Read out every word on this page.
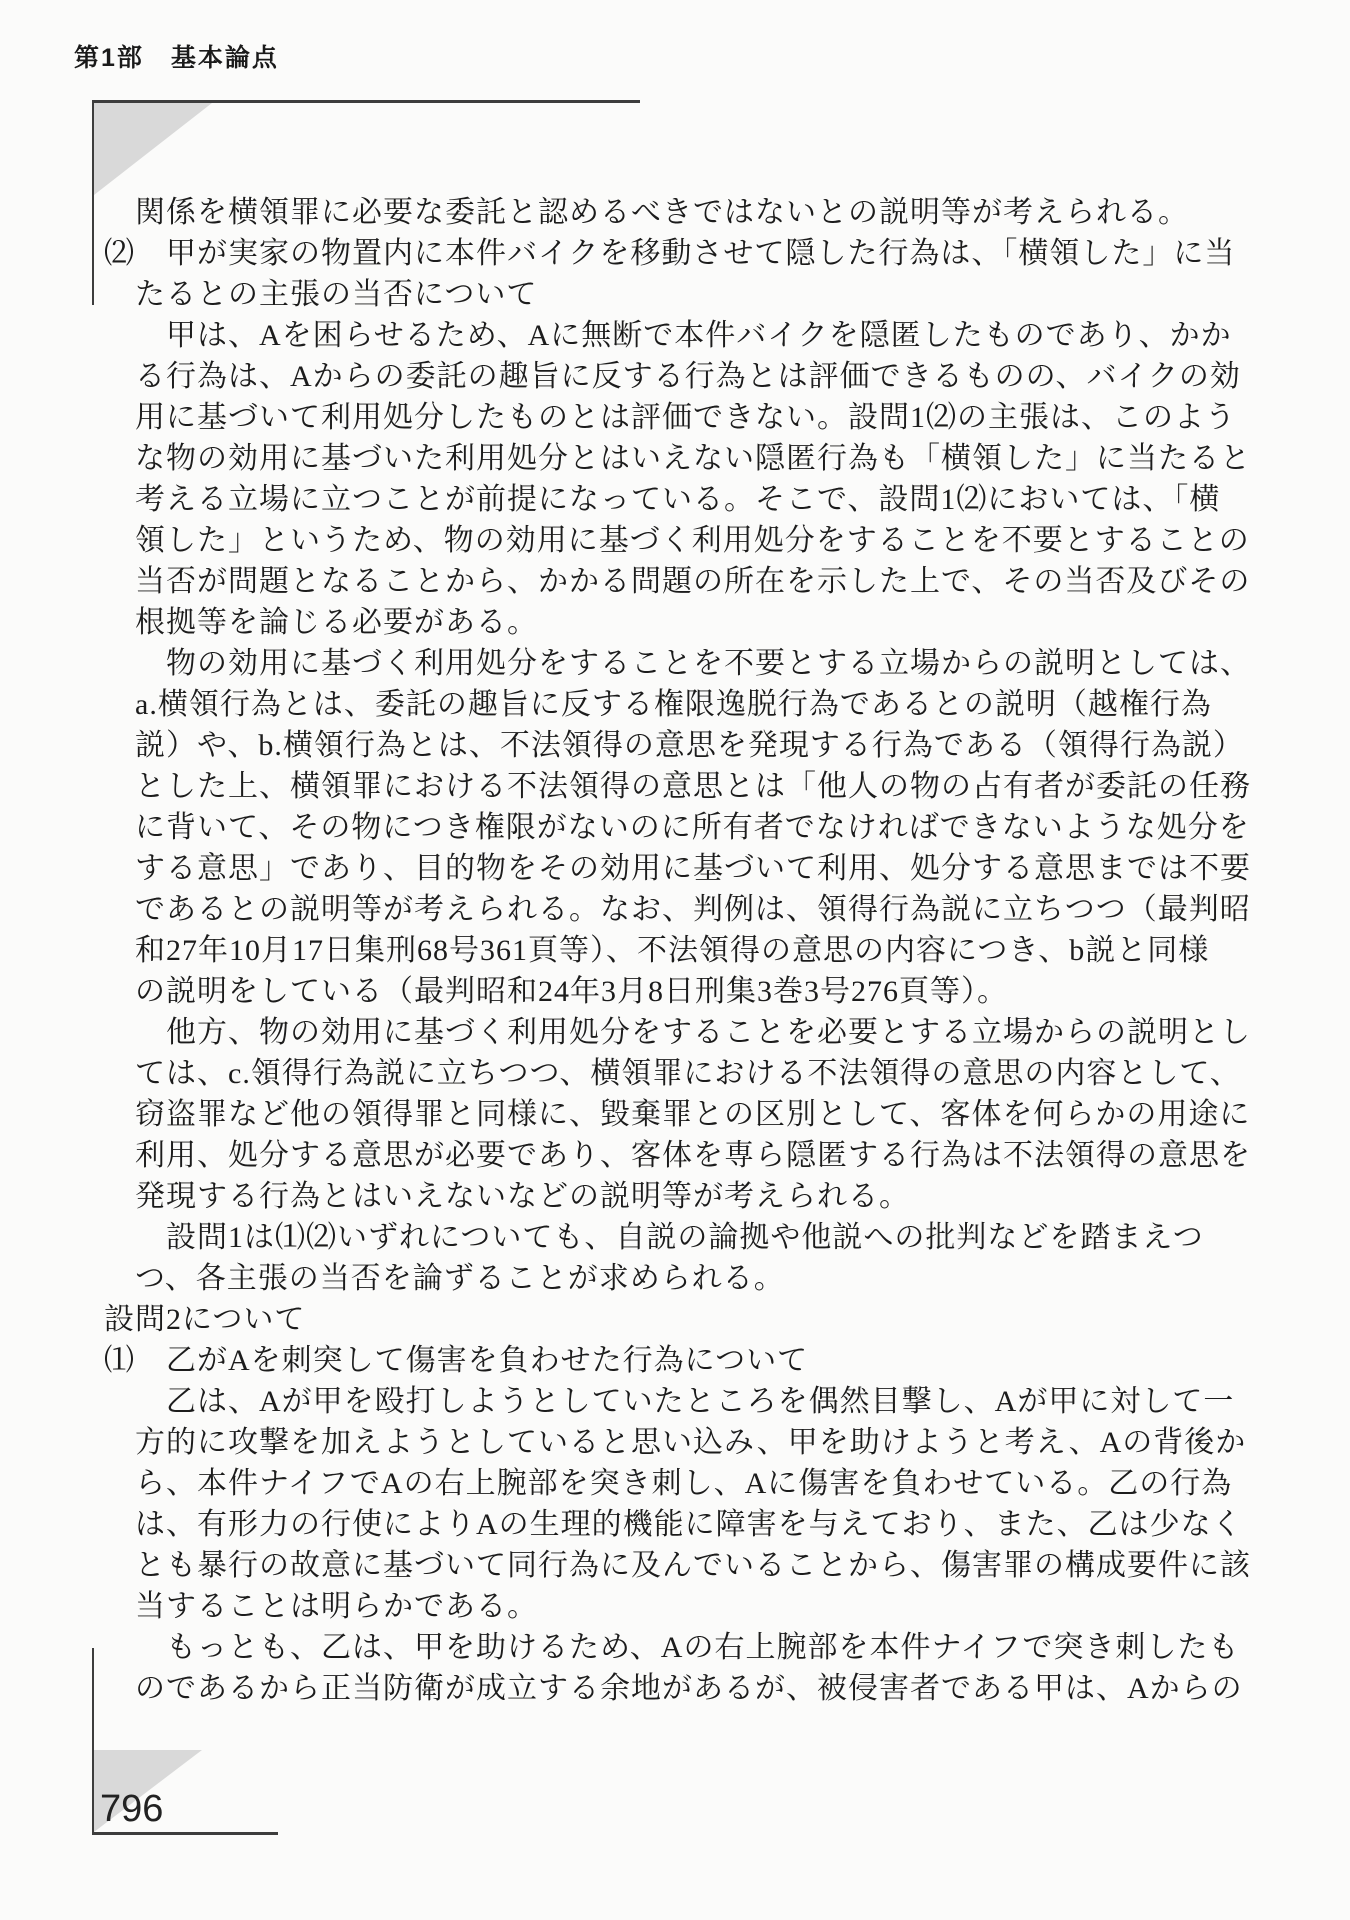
第1部　基本論点
関係を横領罪に必要な委託と認めるべきではないとの説明等が考えられる。
⑵　甲が実家の物置内に本件バイクを移動させて隠した行為は、「横領した」に当
たるとの主張の当否について
甲は、Aを困らせるため、Aに無断で本件バイクを隠匿したものであり、かか
る行為は、Aからの委託の趣旨に反する行為とは評価できるものの、バイクの効
用に基づいて利用処分したものとは評価できない。設問1⑵の主張は、このよう
な物の効用に基づいた利用処分とはいえない隠匿行為も「横領した」に当たると
考える立場に立つことが前提になっている。そこで、設問1⑵においては、「横
領した」というため、物の効用に基づく利用処分をすることを不要とすることの
当否が問題となることから、かかる問題の所在を示した上で、その当否及びその
根拠等を論じる必要がある。
物の効用に基づく利用処分をすることを不要とする立場からの説明としては、
a.横領行為とは、委託の趣旨に反する権限逸脱行為であるとの説明（越権行為
説）や、b.横領行為とは、不法領得の意思を発現する行為である（領得行為説）
とした上、横領罪における不法領得の意思とは「他人の物の占有者が委託の任務
に背いて、その物につき権限がないのに所有者でなければできないような処分を
する意思」であり、目的物をその効用に基づいて利用、処分する意思までは不要
であるとの説明等が考えられる。なお、判例は、領得行為説に立ちつつ（最判昭
和27年10月17日集刑68号361頁等）、不法領得の意思の内容につき、b説と同様
の説明をしている（最判昭和24年3月8日刑集3巻3号276頁等）。
他方、物の効用に基づく利用処分をすることを必要とする立場からの説明とし
ては、c.領得行為説に立ちつつ、横領罪における不法領得の意思の内容として、
窃盗罪など他の領得罪と同様に、毀棄罪との区別として、客体を何らかの用途に
利用、処分する意思が必要であり、客体を専ら隠匿する行為は不法領得の意思を
発現する行為とはいえないなどの説明等が考えられる。
設問1は⑴⑵いずれについても、自説の論拠や他説への批判などを踏まえつ
つ、各主張の当否を論ずることが求められる。
設問2について
⑴　乙がAを刺突して傷害を負わせた行為について
乙は、Aが甲を殴打しようとしていたところを偶然目撃し、Aが甲に対して一
方的に攻撃を加えようとしていると思い込み、甲を助けようと考え、Aの背後か
ら、本件ナイフでAの右上腕部を突き刺し、Aに傷害を負わせている。乙の行為
は、有形力の行使によりAの生理的機能に障害を与えており、また、乙は少なく
とも暴行の故意に基づいて同行為に及んでいることから、傷害罪の構成要件に該
当することは明らかである。
もっとも、乙は、甲を助けるため、Aの右上腕部を本件ナイフで突き刺したも
のであるから正当防衛が成立する余地があるが、被侵害者である甲は、Aからの
796
